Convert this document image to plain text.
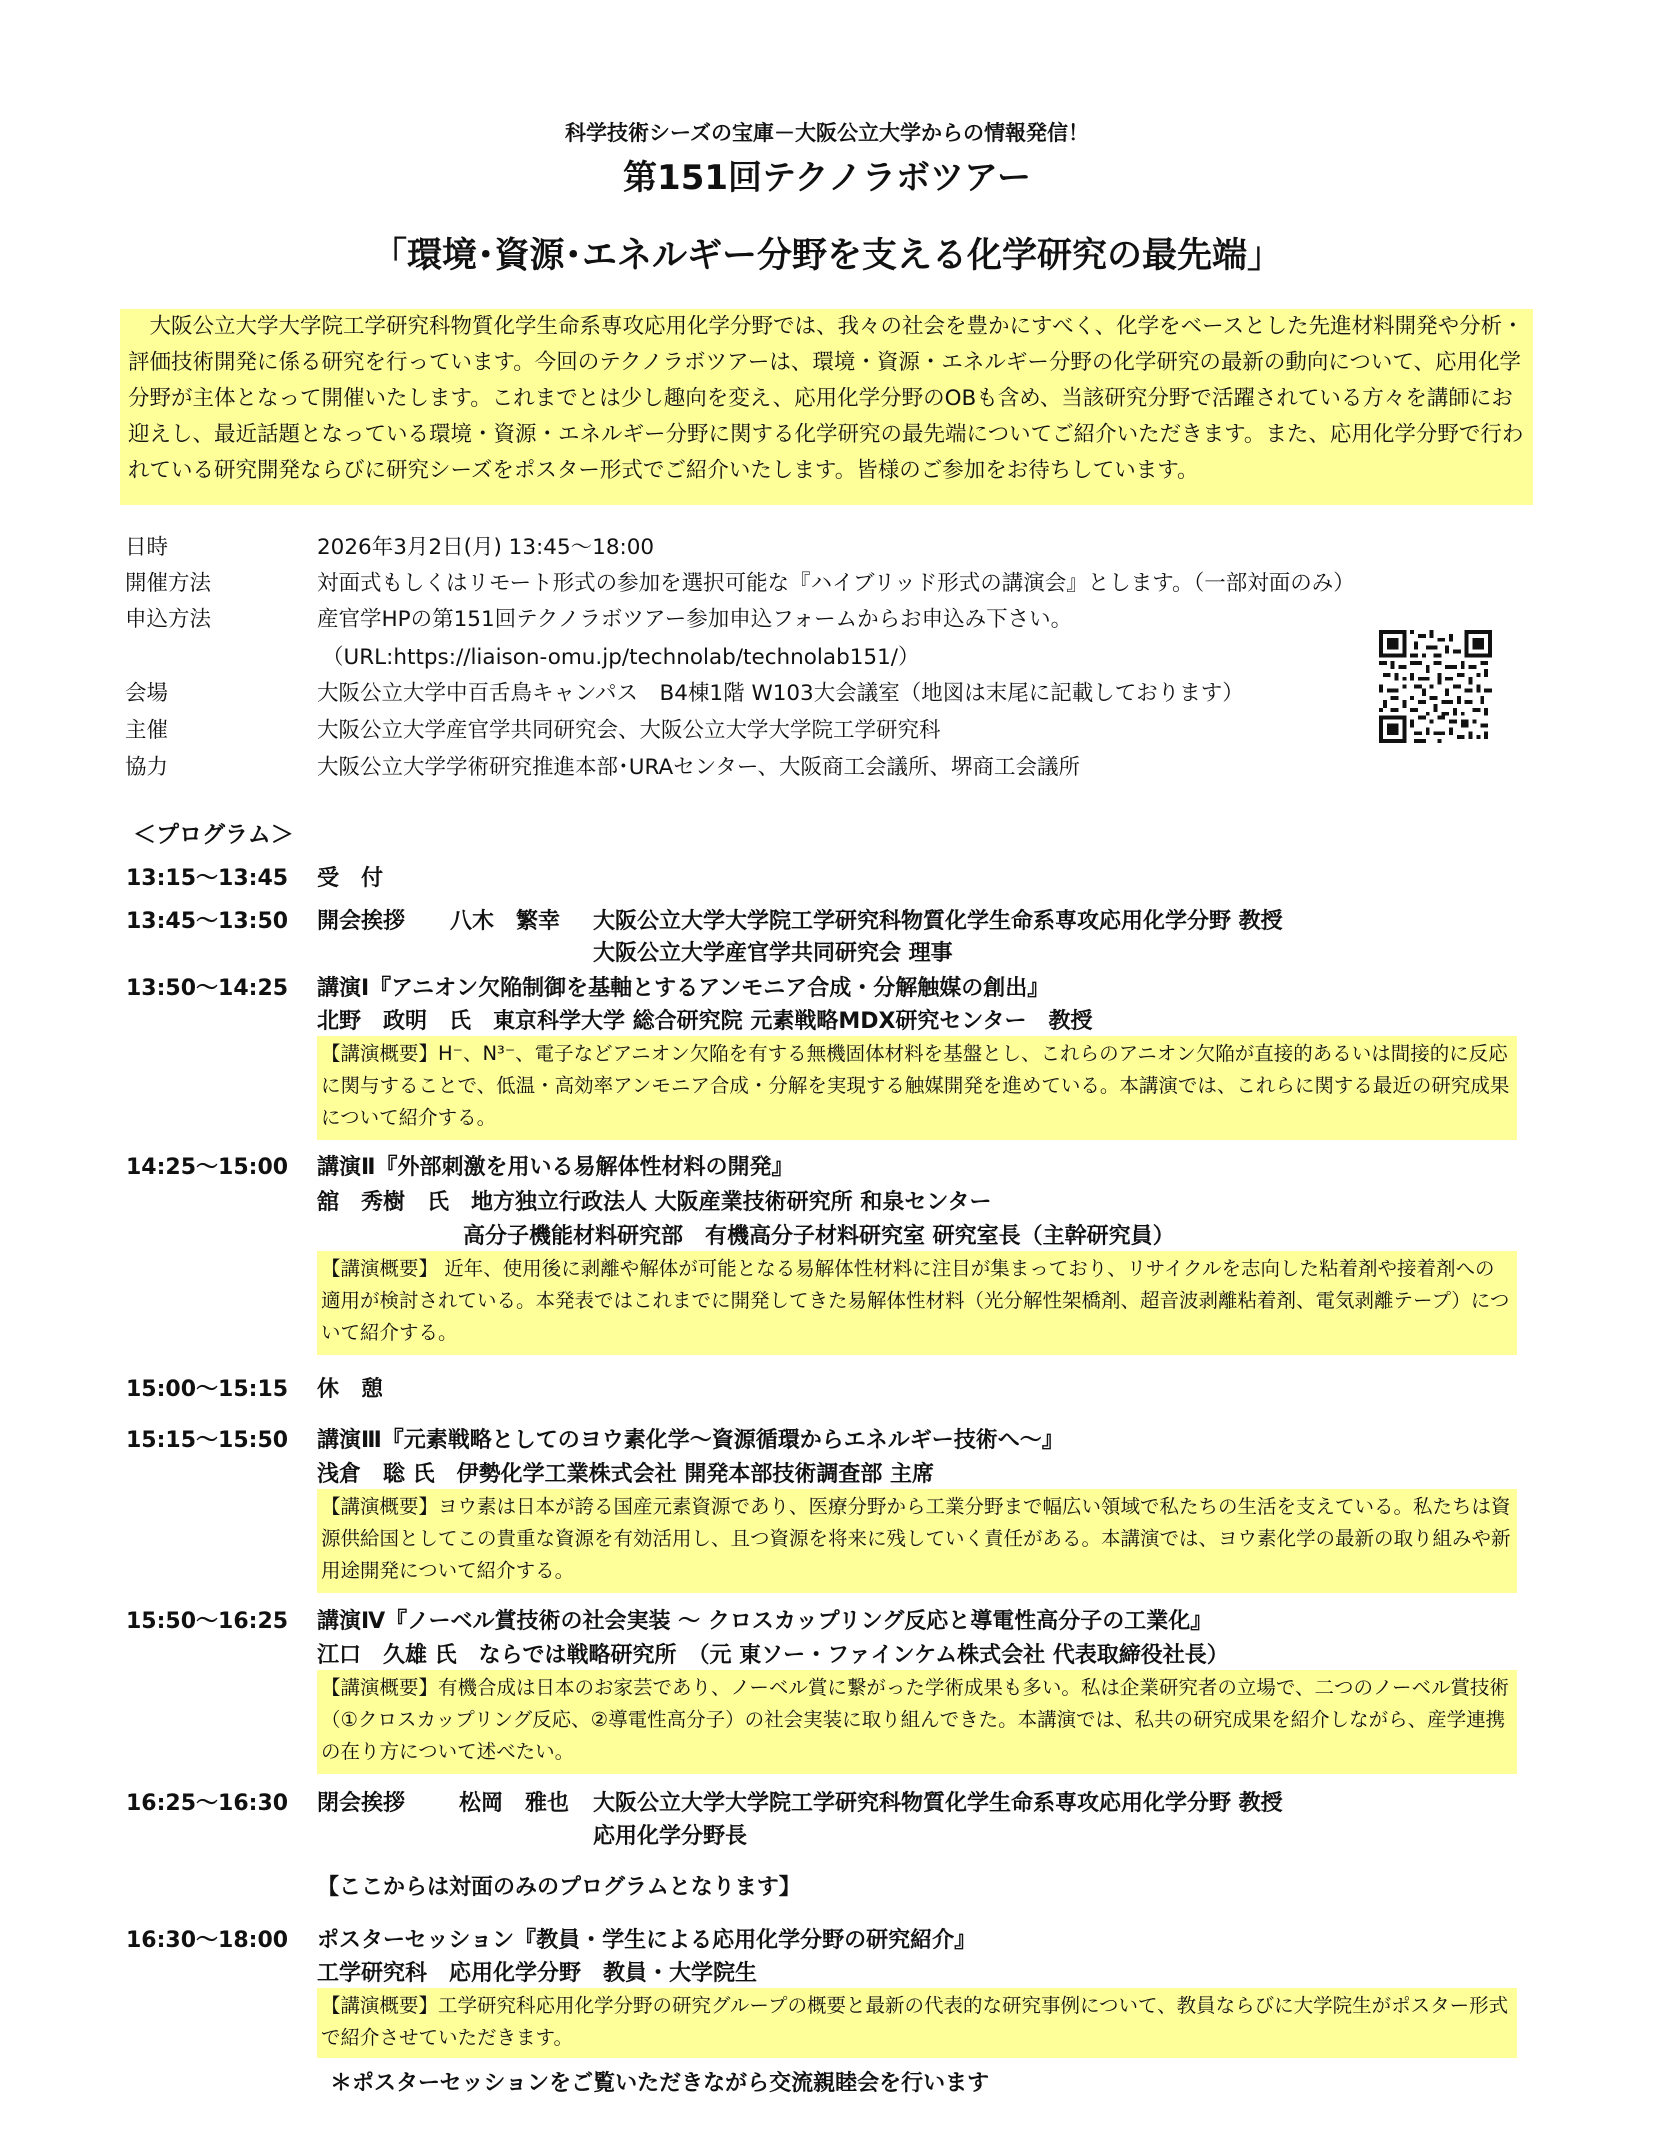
科学技術シーズの宝庫－大阪公立大学からの情報発信！
第151回テクノラボツアー
「環境･資源･エネルギー分野を支える化学研究の最先端」
大阪公立大学大学院工学研究科物質化学生命系専攻応用化学分野では、我々の社会を豊かにすべく、化学をベースとした先進材料開発や分析・評価技術開発に係る研究を行っています。今回のテクノラボツアーは、環境・資源・エネルギー分野の化学研究の最新の動向について、応用化学分野が主体となって開催いたします。これまでとは少し趣向を変え、応用化学分野のOBも含め、当該研究分野で活躍されている方々を講師にお迎えし、最近話題となっている環境・資源・エネルギー分野に関する化学研究の最先端についてご紹介いただきます。また、応用化学分野で行われている研究開発ならびに研究シーズをポスター形式でご紹介いたします。皆様のご参加をお待ちしています。
日時	2026年3月2日(月) 13:45～18:00
開催方法	対面式もしくはリモート形式の参加を選択可能な『ハイブリッド形式の講演会』とします。（一部対面のみ）
申込方法	産官学HPの第151回テクノラボツアー参加申込フォームからお申込み下さい。
（URL:https://liaison-omu.jp/technolab/technolab151/）
会場	大阪公立大学中百舌鳥キャンパス　B4棟1階 W103大会議室（地図は末尾に記載しております）
主催	大阪公立大学産官学共同研究会、大阪公立大学大学院工学研究科
協力	大阪公立大学学術研究推進本部･URAセンター、大阪商工会議所、堺商工会議所
＜プログラム＞
13:15～13:45 受　付
13:45～13:50 開会挨拶 八木　繁幸 大阪公立大学大学院工学研究科物質化学生命系専攻応用化学分野 教授
大阪公立大学産官学共同研究会 理事
13:50～14:25 講演Ⅰ『アニオン欠陥制御を基軸とするアンモニア合成・分解触媒の創出』
北野　政明　氏　東京科学大学 総合研究院 元素戦略MDX研究センター　教授
【講演概要】H⁻、N³⁻、電子などアニオン欠陥を有する無機固体材料を基盤とし、これらのアニオン欠陥が直接的あるいは間接的に反応に関与することで、低温・高効率アンモニア合成・分解を実現する触媒開発を進めている。本講演では、これらに関する最近の研究成果について紹介する。
14:25～15:00 講演Ⅱ『外部刺激を用いる易解体性材料の開発』
舘　秀樹　氏　地方独立行政法人 大阪産業技術研究所 和泉センター
高分子機能材料研究部　有機高分子材料研究室 研究室長（主幹研究員）
【講演概要】 近年、使用後に剥離や解体が可能となる易解体性材料に注目が集まっており、リサイクルを志向した粘着剤や接着剤への適用が検討されている。本発表ではこれまでに開発してきた易解体性材料（光分解性架橋剤、超音波剥離粘着剤、電気剥離テープ）について紹介する。
15:00～15:15 休　憩
15:15～15:50 講演Ⅲ『元素戦略としてのヨウ素化学～資源循環からエネルギー技術へ～』
浅倉　聡 氏　伊勢化学工業株式会社 開発本部技術調査部 主席
【講演概要】ヨウ素は日本が誇る国産元素資源であり、医療分野から工業分野まで幅広い領域で私たちの生活を支えている。私たちは資源供給国としてこの貴重な資源を有効活用し、且つ資源を将来に残していく責任がある。本講演では、ヨウ素化学の最新の取り組みや新用途開発について紹介する。
15:50～16:25 講演Ⅳ『ノーベル賞技術の社会実装 ～ クロスカップリング反応と導電性高分子の工業化』
江口　久雄 氏　ならでは戦略研究所　（元 東ソー・ファインケム株式会社 代表取締役社長）
【講演概要】有機合成は日本のお家芸であり、ノーベル賞に繋がった学術成果も多い。私は企業研究者の立場で、二つのノーベル賞技術（①クロスカップリング反応、②導電性高分子）の社会実装に取り組んできた。本講演では、私共の研究成果を紹介しながら、産学連携の在り方について述べたい。
16:25～16:30 閉会挨拶 松岡　雅也 大阪公立大学大学院工学研究科物質化学生命系専攻応用化学分野 教授
応用化学分野長
【ここからは対面のみのプログラムとなります】
16:30～18:00 ポスターセッション『教員・学生による応用化学分野の研究紹介』
工学研究科　応用化学分野　教員・大学院生
【講演概要】工学研究科応用化学分野の研究グループの概要と最新の代表的な研究事例について、教員ならびに大学院生がポスター形式で紹介させていただきます。
＊ポスターセッションをご覧いただきながら交流親睦会を行います
